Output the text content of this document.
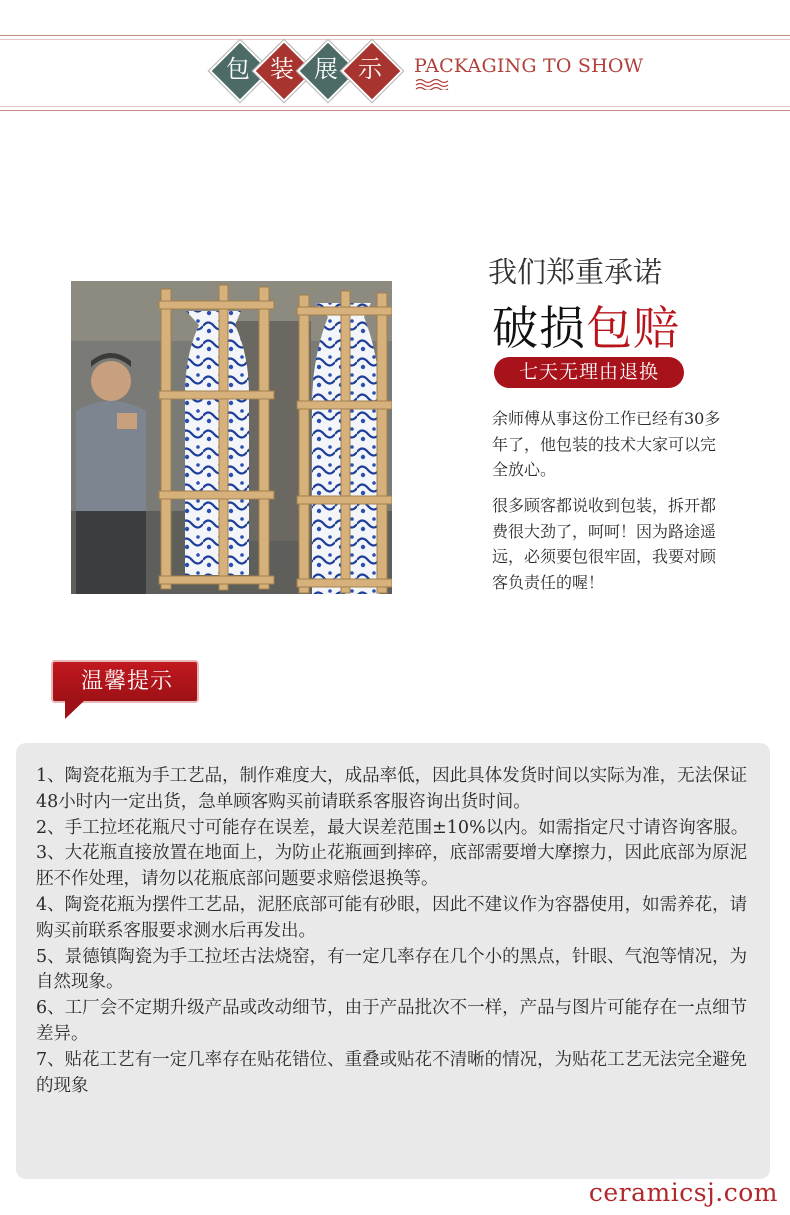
包 装 展 示	PACKAGING TO SHOW
我们郑重承诺
破损包赔
七天无理由退换
余师傅从事这份工作已经有30多年了，他包装的技术大家可以完全放心。
很多顾客都说收到包装，拆开都费很大劲了，呵呵！因为路途遥远，必须要包很牢固，我要对顾客负责任的喔！
温馨提示

1、陶瓷花瓶为手工艺品，制作难度大，成品率低，因此具体发货时间以实际为准，无法保证48小时内一定出货，急单顾客购买前请联系客服咨询出货时间。

2、手工拉坯花瓶尺寸可能存在误差，最大误差范围±10%以内。如需指定尺寸请咨询客服。

3、大花瓶直接放置在地面上，为防止花瓶画到摔碎，底部需要增大摩擦力，因此底部为原泥胚不作处理，请勿以花瓶底部问题要求赔偿退换等。

4、陶瓷花瓶为摆件工艺品，泥胚底部可能有砂眼，因此不建议作为容器使用，如需养花，请购买前联系客服要求测水后再发出。

5、景德镇陶瓷为手工拉坯古法烧窑，有一定几率存在几个小的黑点，针眼、气泡等情况，为自然现象。

6、工厂会不定期升级产品或改动细节，由于产品批次不一样，产品与图片可能存在一点细节差异。

7、贴花工艺有一定几率存在贴花错位、重叠或贴花不清晰的情况，为贴花工艺无法完全避免的现象

ceramicsj.com
